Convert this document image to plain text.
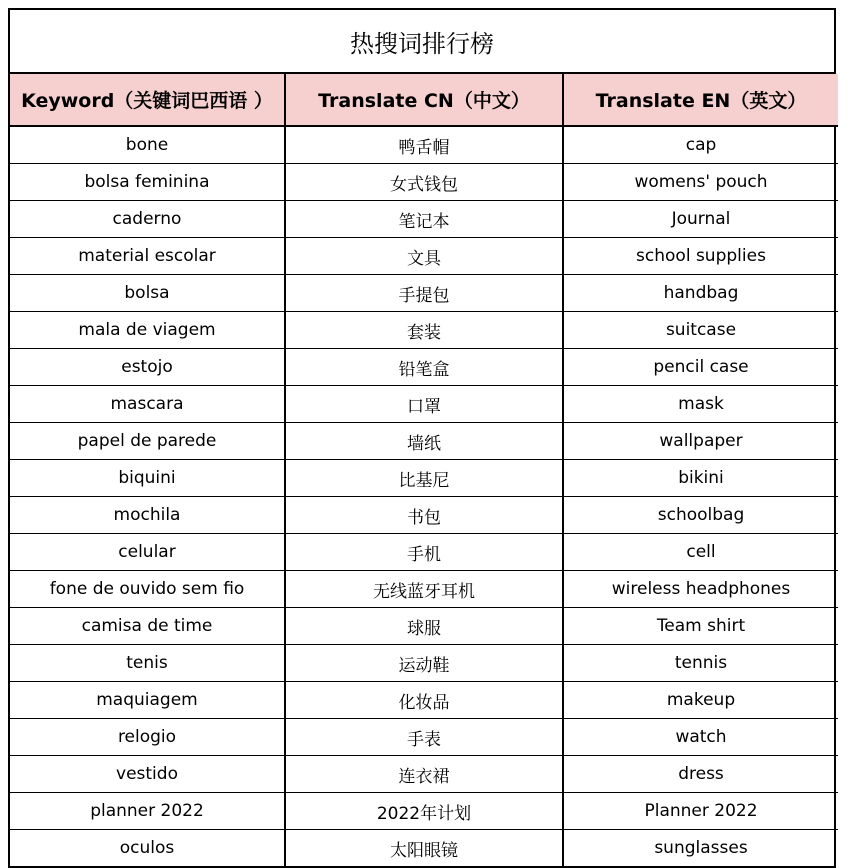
热搜词排行榜
Keyword（关键词巴西语 ）	Translate CN（中文）	Translate EN（英文）
bone	鸭舌帽	cap
bolsa feminina	女式钱包	womens' pouch
caderno	笔记本	Journal
material escolar	文具	school supplies
bolsa	手提包	handbag
mala de viagem	套装	suitcase
estojo	铅笔盒	pencil case
mascara	口罩	mask
papel de parede	墙纸	wallpaper
biquini	比基尼	bikini
mochila	书包	schoolbag
celular	手机	cell
fone de ouvido sem fio	无线蓝牙耳机	wireless headphones
camisa de time	球服	Team shirt
tenis	运动鞋	tennis
maquiagem	化妆品	makeup
relogio	手表	watch
vestido	连衣裙	dress
planner 2022	2022年计划	Planner 2022
oculos	太阳眼镜	sunglasses
